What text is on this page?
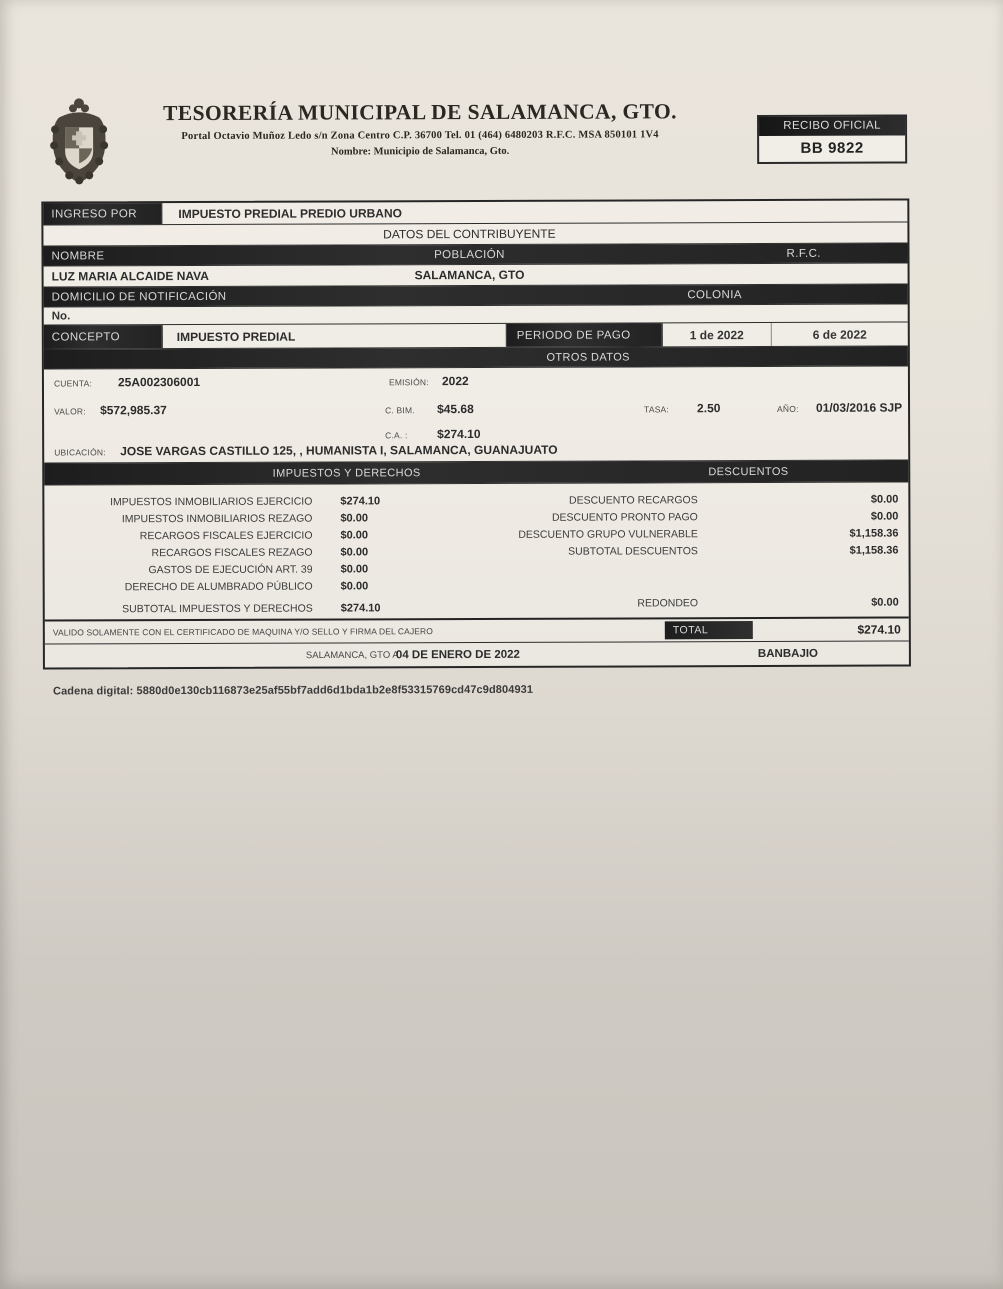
TESORERÍA MUNICIPAL DE SALAMANCA, GTO.
Portal Octavio Muñoz Ledo s/n Zona Centro C.P. 36700 Tel. 01 (464) 6480203 R.F.C. MSA 850101 1V4
Nombre: Municipio de Salamanca, Gto.
RECIBO OFICIAL
BB 9822
INGRESO POR	IMPUESTO PREDIAL PREDIO URBANO
DATOS DEL CONTRIBUYENTE
NOMBRE	POBLACIÓN	R.F.C.
LUZ MARIA ALCAIDE NAVA	SALAMANCA, GTO
DOMICILIO DE NOTIFICACIÓN	COLONIA
No.
CONCEPTO	IMPUESTO PREDIAL	PERIODO DE PAGO	1 de 2022	6 de 2022
OTROS DATOS
CUENTA: 25A002306001	EMISIÓN: 2022
VALOR: $572,985.37	C. BIM. $45.68	TASA: 2.50	AÑO: 01/03/2016 SJP
C.A. : $274.10
UBICACIÓN: JOSE VARGAS CASTILLO 125, , HUMANISTA I, SALAMANCA, GUANAJUATO
IMPUESTOS Y DERECHOS	DESCUENTOS
IMPUESTOS INMOBILIARIOS EJERCICIO	$274.10
IMPUESTOS INMOBILIARIOS REZAGO	$0.00
RECARGOS FISCALES EJERCICIO	$0.00
RECARGOS FISCALES REZAGO	$0.00
GASTOS DE EJECUCIÓN ART. 39	$0.00
DERECHO DE ALUMBRADO PÚBLICO	$0.00
SUBTOTAL IMPUESTOS Y DERECHOS	$274.10
DESCUENTO RECARGOS	$0.00
DESCUENTO PRONTO PAGO	$0.00
DESCUENTO GRUPO VULNERABLE	$1,158.36
SUBTOTAL DESCUENTOS	$1,158.36
REDONDEO	$0.00
VALIDO SOLAMENTE CON EL CERTIFICADO DE MAQUINA Y/O SELLO Y FIRMA DEL CAJERO	TOTAL	$274.10
SALAMANCA, GTO A
04 DE ENERO DE 2022	BANBAJIO
Cadena digital: 5880d0e130cb116873e25af55bf7add6d1bda1b2e8f53315769cd47c9d804931
